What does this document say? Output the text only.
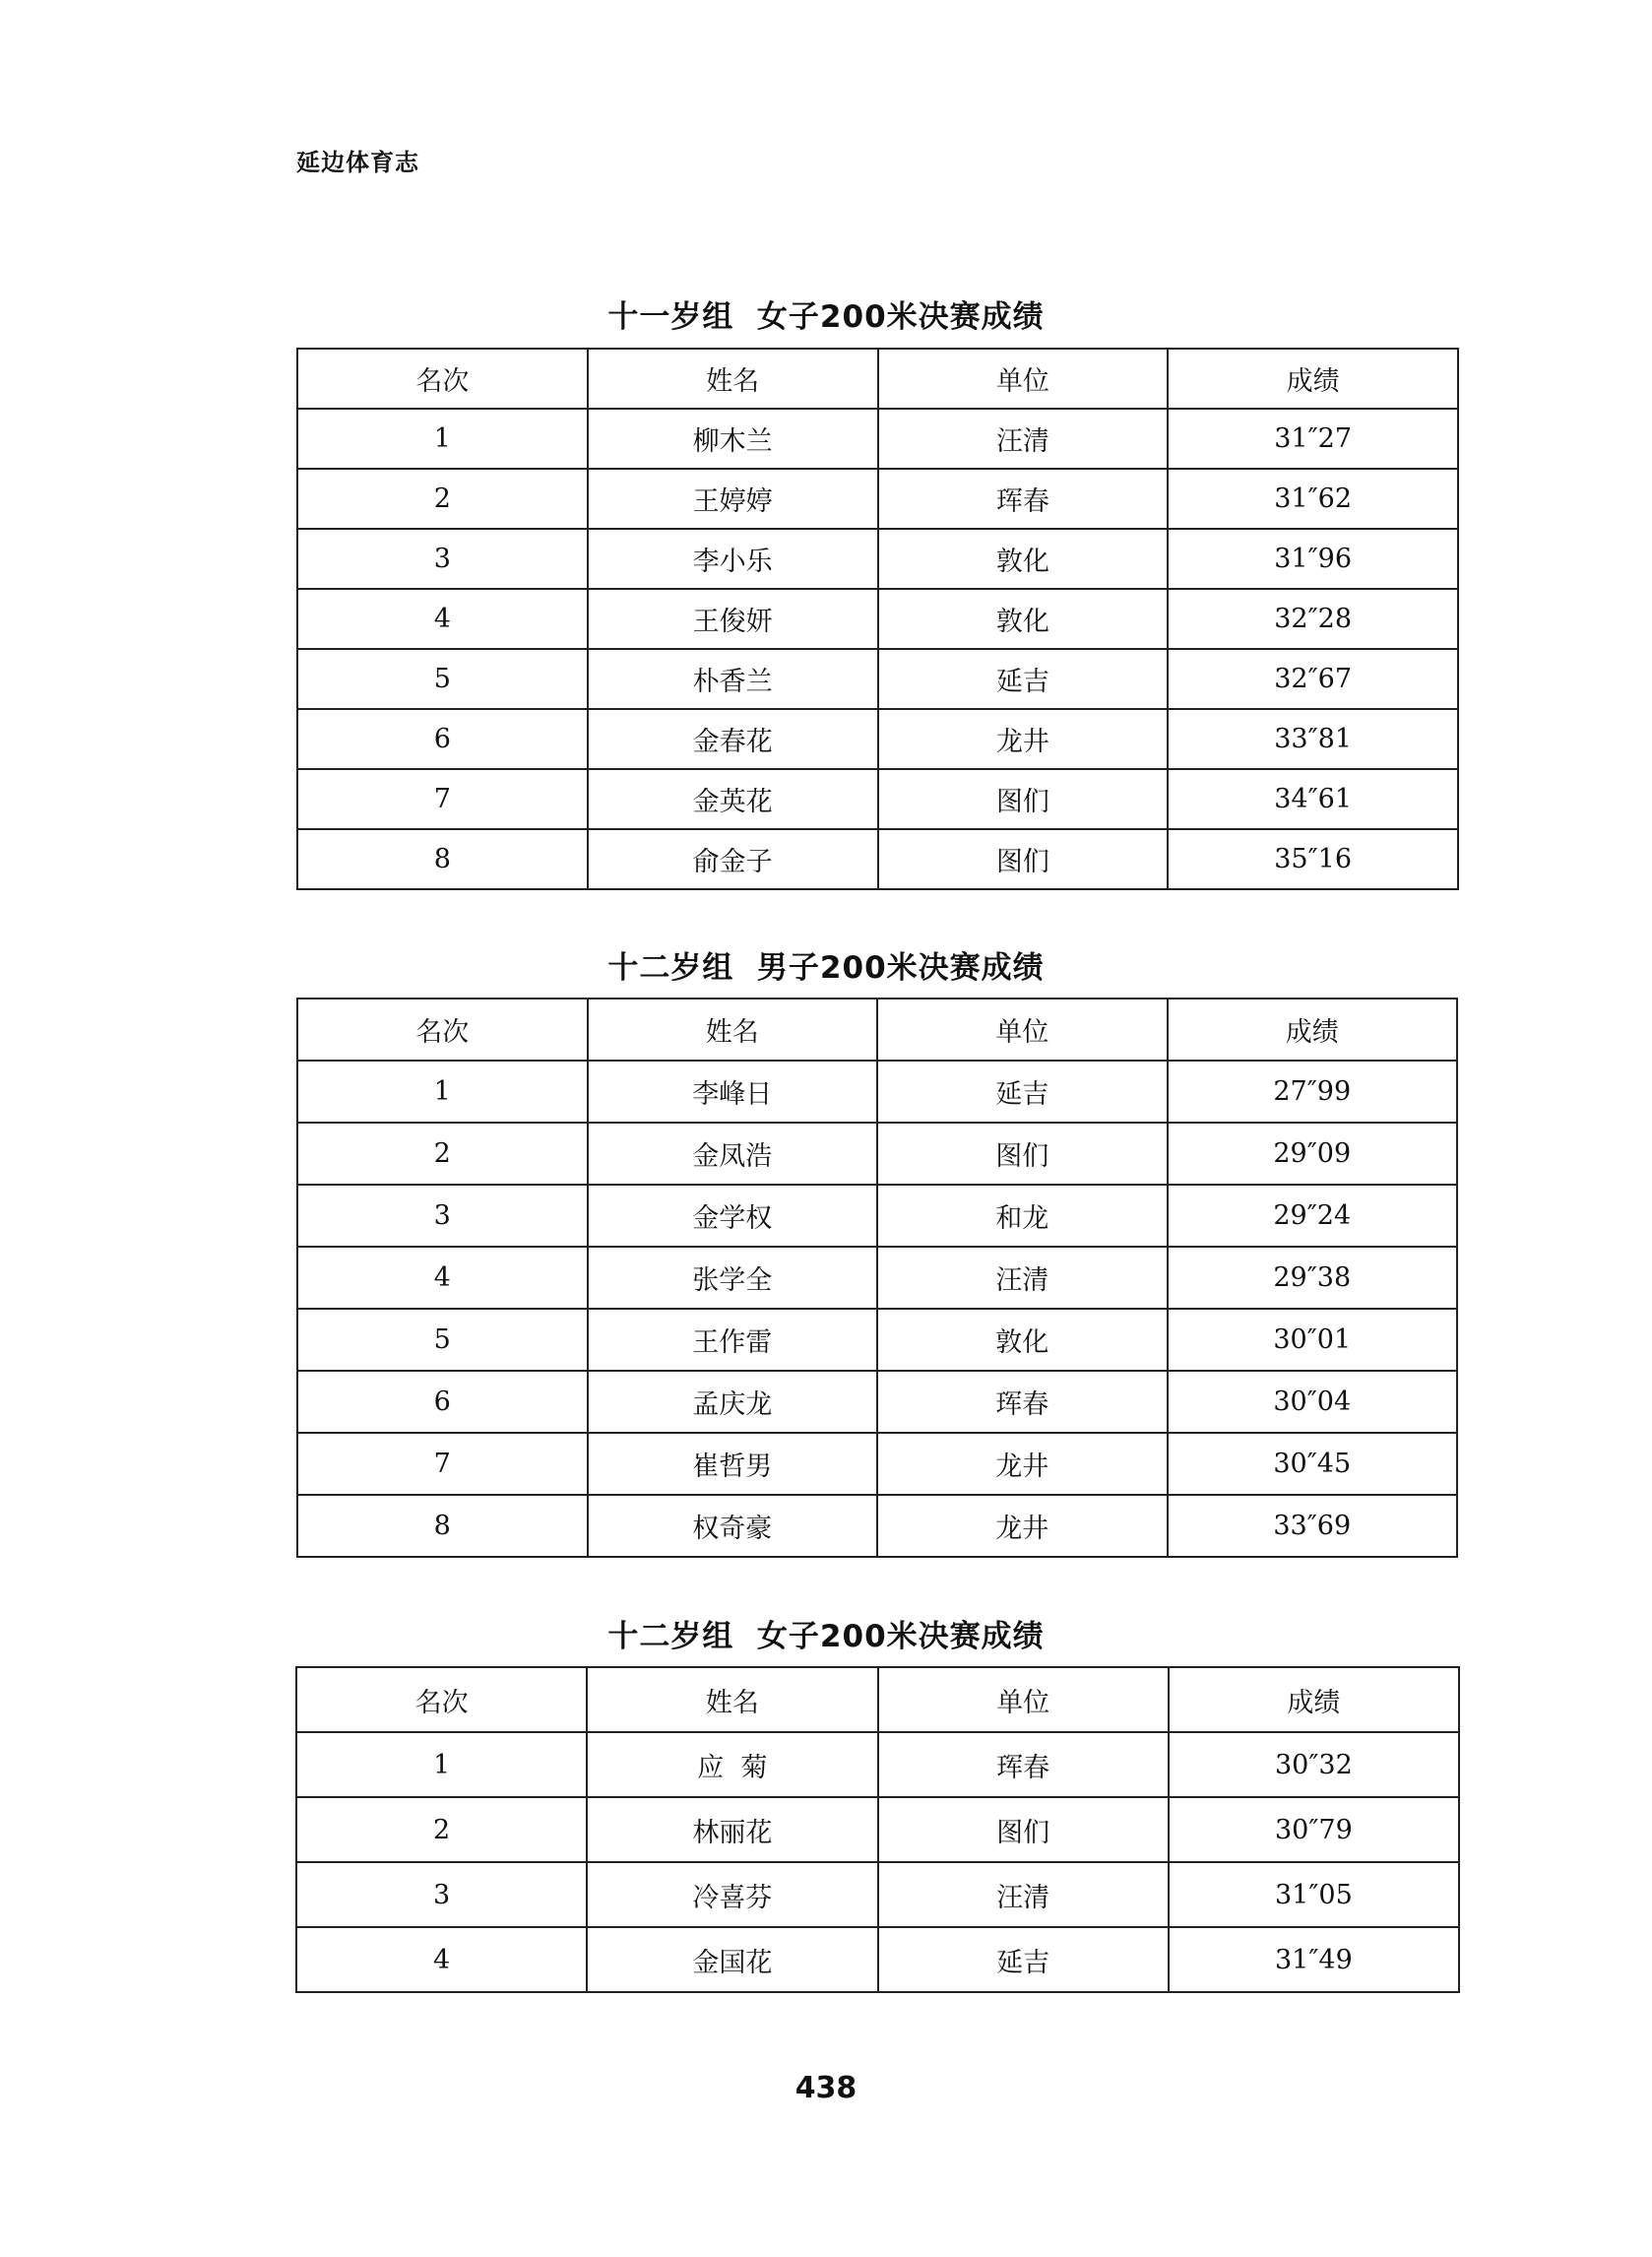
延边体育志
十一岁组  女子200米决赛成绩
名次	姓名	单位	成绩
1	柳木兰	汪清	31″27
2	王婷婷	珲春	31″62
3	李小乐	敦化	31″96
4	王俊妍	敦化	32″28
5	朴香兰	延吉	32″67
6	金春花	龙井	33″81
7	金英花	图们	34″61
8	俞金子	图们	35″16
十二岁组  男子200米决赛成绩
名次	姓名	单位	成绩
1	李峰日	延吉	27″99
2	金凤浩	图们	29″09
3	金学权	和龙	29″24
4	张学全	汪清	29″38
5	王作雷	敦化	30″01
6	孟庆龙	珲春	30″04
7	崔哲男	龙井	30″45
8	权奇豪	龙井	33″69
十二岁组  女子200米决赛成绩
名次	姓名	单位	成绩
1	应  菊	珲春	30″32
2	林丽花	图们	30″79
3	冷喜芬	汪清	31″05
4	金国花	延吉	31″49
438
